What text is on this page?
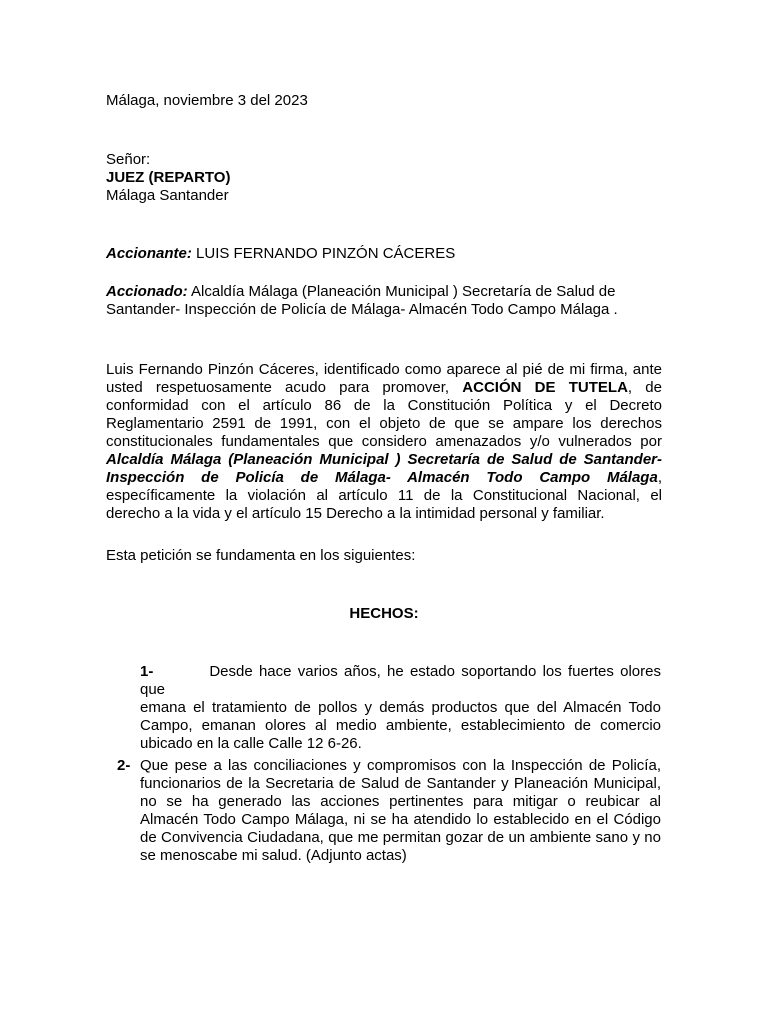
Málaga, noviembre 3 del 2023
Señor:
JUEZ (REPARTO)
Málaga Santander
Accionante: LUIS FERNANDO PINZÓN CÁCERES
Accionado: Alcaldía Málaga (Planeación Municipal ) Secretaría de Salud de
Santander- Inspección de Policía de Málaga- Almacén Todo Campo Málaga .
Luis Fernando Pinzón Cáceres, identificado como aparece al pié de mi firma, ante
usted respetuosamente acudo para promover, ACCIÓN DE TUTELA, de
conformidad con el artículo 86 de la Constitución Política y el Decreto
Reglamentario 2591 de 1991, con el objeto de que se ampare los derechos
constitucionales fundamentales que considero amenazados y/o vulnerados por
Alcaldía Málaga (Planeación Municipal ) Secretaría de Salud de Santander-
Inspección de Policía de Málaga- Almacén Todo Campo Málaga,
específicamente la violación al artículo 11 de la Constitucional Nacional, el
derecho a la vida y el artículo 15 Derecho a la intimidad personal y familiar.
Esta petición se fundamenta en los siguientes:
HECHOS:
1-	Desde hace varios años, he estado soportando los fuertes olores que
emana el tratamiento de pollos y demás productos que del Almacén Todo
Campo, emanan olores al medio ambiente, establecimiento de comercio
ubicado en la calle Calle 12 6-26.
2- Que pese a las conciliaciones y compromisos con la Inspección de Policía,
funcionarios de la Secretaria de Salud de Santander y Planeación Municipal,
no se ha generado las acciones pertinentes para mitigar o reubicar al
Almacén Todo Campo Málaga, ni se ha atendido lo establecido en el Código
de Convivencia Ciudadana, que me permitan gozar de un ambiente sano y no
se menoscabe mi salud. (Adjunto actas)
